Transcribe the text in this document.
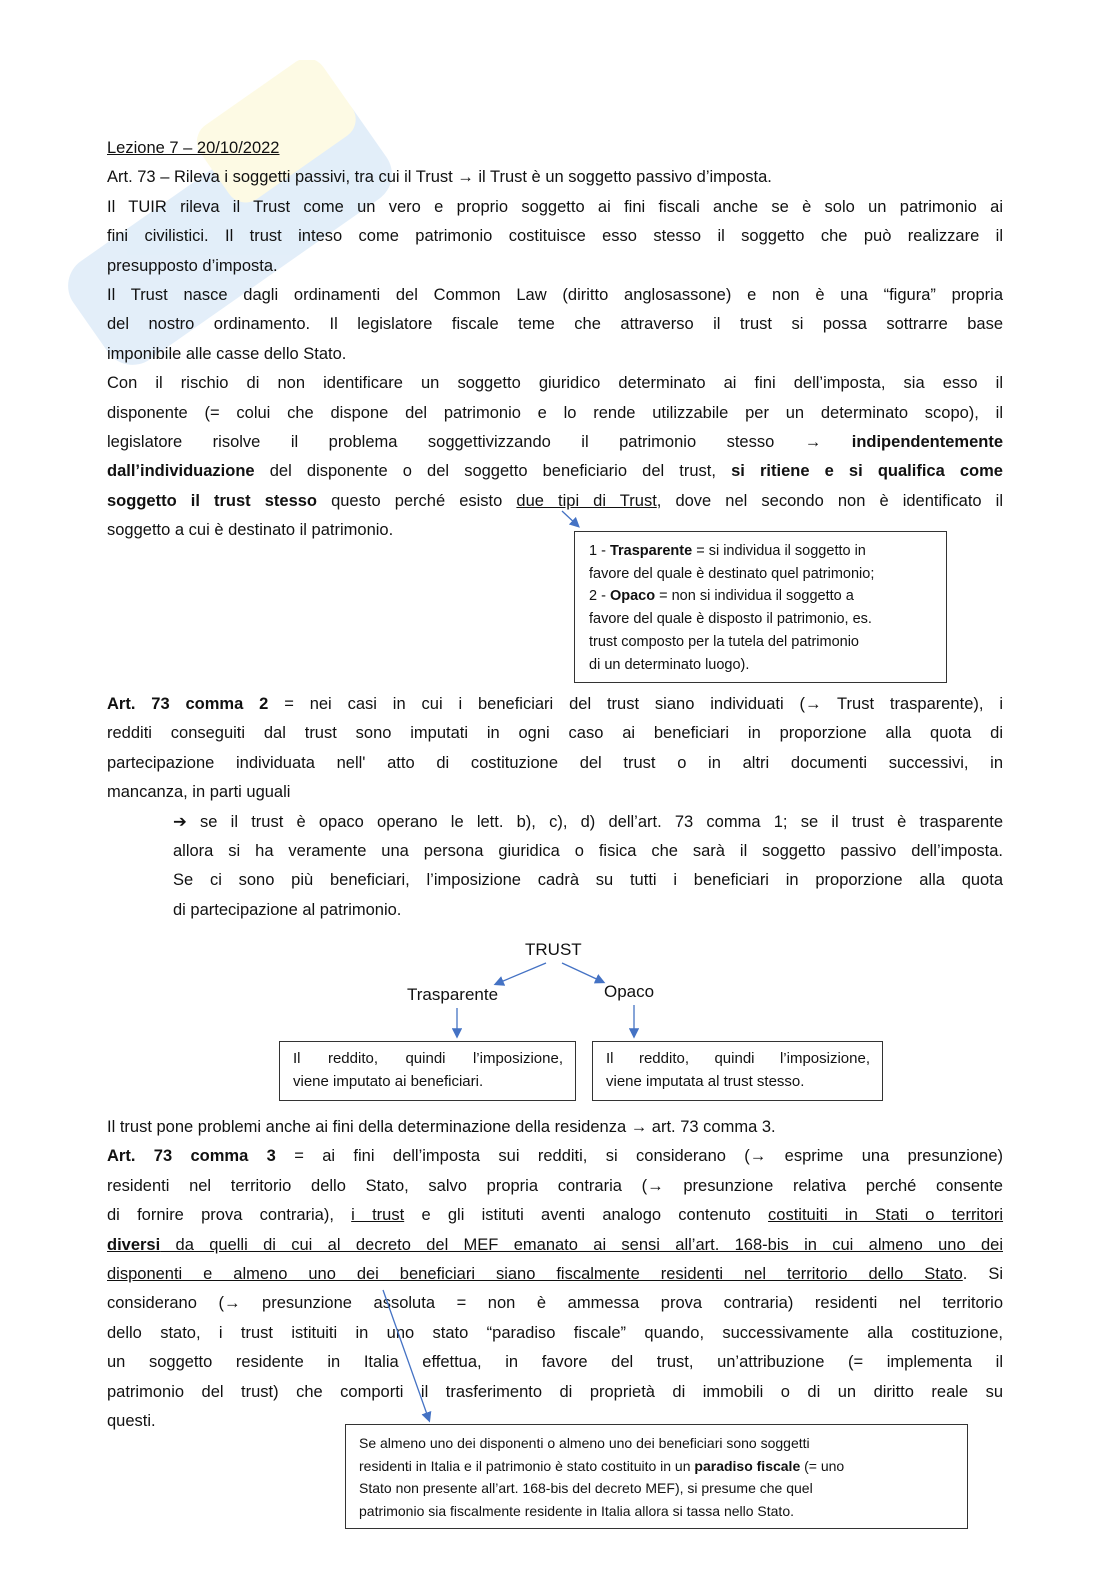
Lezione 7 – 20/10/2022
Art. 73 – Rileva i soggetti passivi, tra cui il Trust → il Trust è un soggetto passivo d’imposta.
Il TUIR rileva il Trust come un vero e proprio soggetto ai fini fiscali anche se è solo un patrimonio ai
fini civilistici. Il trust inteso come patrimonio costituisce esso stesso il soggetto che può realizzare il
presupposto d’imposta.
Il Trust nasce dagli ordinamenti del Common Law (diritto anglosassone) e non è una “figura” propria
del nostro ordinamento. Il legislatore fiscale teme che attraverso il trust si possa sottrarre base
imponibile alle casse dello Stato.
Con il rischio di non identificare un soggetto giuridico determinato ai fini dell’imposta, sia esso il
disponente (= colui che dispone del patrimonio e lo rende utilizzabile per un determinato scopo), il
legislatore risolve il problema soggettivizzando il patrimonio stesso → indipendentemente
dall’individuazione del disponente o del soggetto beneficiario del trust, si ritiene e si qualifica come
soggetto il trust stesso questo perché esisto due tipi di Trust, dove nel secondo non è identificato il
soggetto a cui è destinato il patrimonio.
1 - Trasparente = si individua il soggetto in
favore del quale è destinato quel patrimonio;
2 - Opaco = non si individua il soggetto a
favore del quale è disposto il patrimonio, es.
trust composto per la tutela del patrimonio
di un determinato luogo).
Art. 73 comma 2 = nei casi in cui i beneficiari del trust siano individuati (→ Trust trasparente), i
redditi conseguiti dal trust sono imputati in ogni caso ai beneficiari in proporzione alla quota di
partecipazione individuata nell' atto di costituzione del trust o in altri documenti successivi, in
mancanza, in parti uguali
➔ se il trust è opaco operano le lett. b), c), d) dell’art. 73 comma 1; se il trust è trasparente
allora si ha veramente una persona giuridica o fisica che sarà il soggetto passivo dell’imposta.
Se ci sono più beneficiari, l’imposizione cadrà su tutti i beneficiari in proporzione alla quota
di partecipazione al patrimonio.
TRUST
Trasparente	Opaco
Il reddito, quindi l’imposizione,
viene imputato ai beneficiari.
Il reddito, quindi l’imposizione,
viene imputata al trust stesso.
Il trust pone problemi anche ai fini della determinazione della residenza → art. 73 comma 3.
Art. 73 comma 3 = ai fini dell’imposta sui redditi, si considerano (→ esprime una presunzione)
residenti nel territorio dello Stato, salvo propria contraria (→ presunzione relativa perché consente
di fornire prova contraria), i trust e gli istituti aventi analogo contenuto costituiti in Stati o territori
diversi da quelli di cui al decreto del MEF emanato ai sensi all’art. 168-bis in cui almeno uno dei
disponenti e almeno uno dei beneficiari siano fiscalmente residenti nel territorio dello Stato. Si
considerano (→ presunzione assoluta = non è ammessa prova contraria) residenti nel territorio
dello stato, i trust istituiti in uno stato “paradiso fiscale” quando, successivamente alla costituzione,
un soggetto residente in Italia effettua, in favore del trust, un’attribuzione (= implementa il
patrimonio del trust) che comporti il trasferimento di proprietà di immobili o di un diritto reale su
questi.
Se almeno uno dei disponenti o almeno uno dei beneficiari sono soggetti
residenti in Italia e il patrimonio è stato costituito in un paradiso fiscale (= uno
Stato non presente all’art. 168-bis del decreto MEF), si presume che quel
patrimonio sia fiscalmente residente in Italia allora si tassa nello Stato.
